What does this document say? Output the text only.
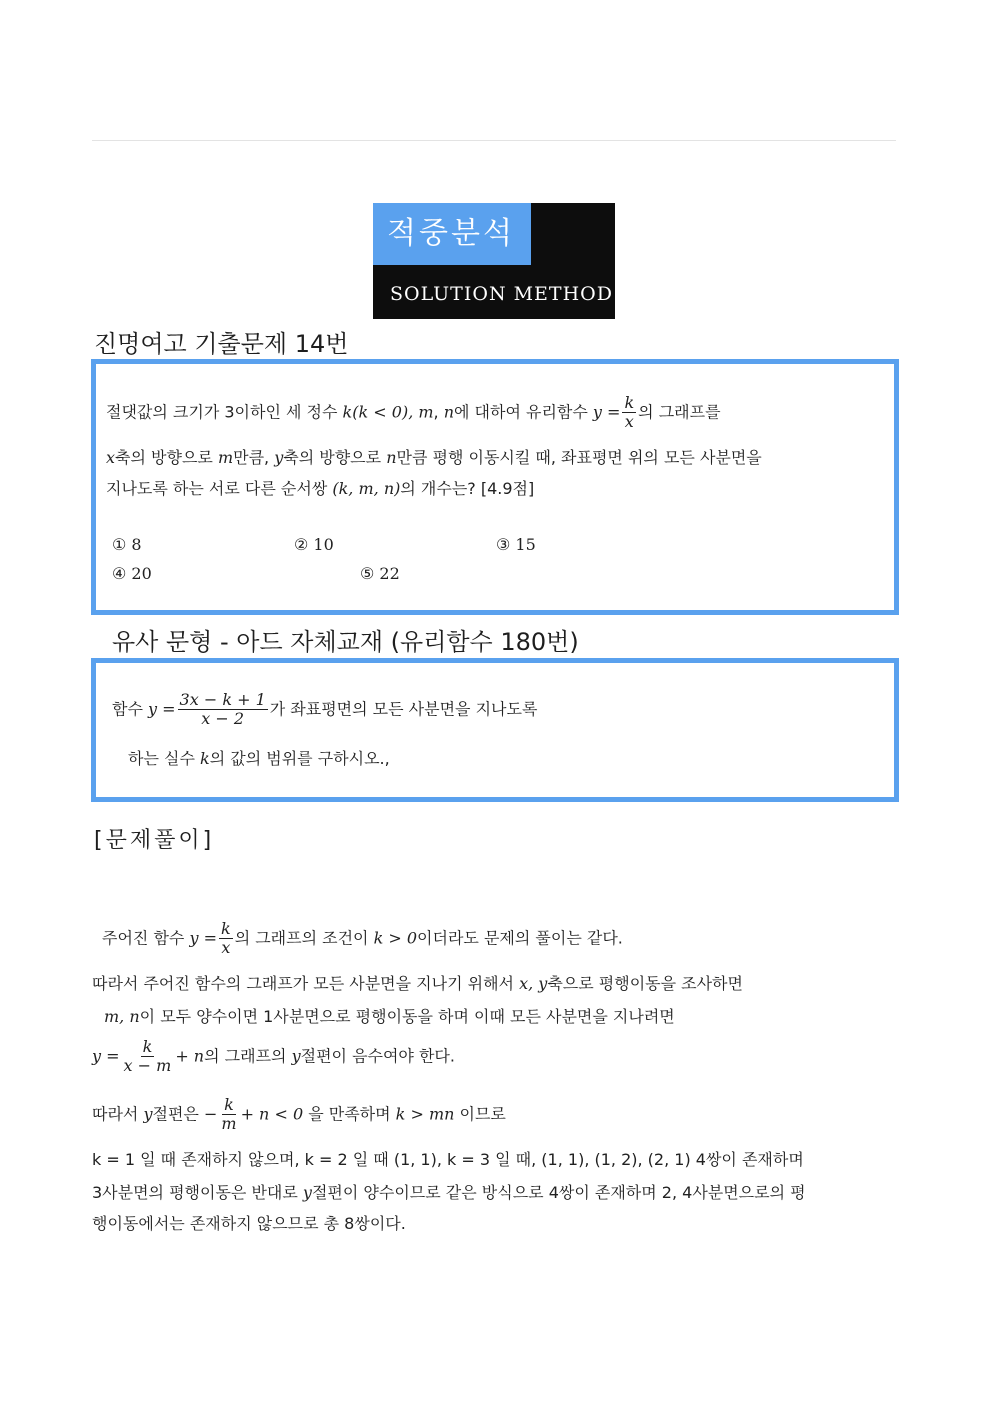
적중분석
SOLUTION METHOD
진명여고 기출문제 14번
절댓값의 크기가 3이하인 세 정수 k(k < 0), m, n에 대하여 유리함수 $y = \frac{k}{x}$ 의 그래프를
x축의 방향으로 m만큼, y축의 방향으로 n만큼 평행 이동시킬 때, 좌표평면 위의 모든 사분면을
지나도록 하는 서로 다른 순서쌍 (k, m, n)의 개수는? [4.9점]
① 8	② 10	③ 15
④ 20	⑤ 22
유사 문형 - 아드 자체교재 (유리함수 180번)
함수 $y = \frac{3x - k + 1}{x - 2}$ 가 좌표평면의 모든 사분면을 지나도록
하는 실수 k의 값의 범위를 구하시오.,
[문제풀이]
주어진 함수 $y = \frac{k}{x}$ 의 그래프의 조건이 k > 0이더라도 문제의 풀이는 같다.
따라서 주어진 함수의 그래프가 모든 사분면을 지나기 위해서 x, y축으로 평행이동을 조사하면
m, n이 모두 양수이면 1사분면으로 평행이동을 하며 이때 모든 사분면을 지나려면
$y = \frac{k}{x - m} + n$의 그래프의 y절편이 음수여야 한다.
따라서 y절편은 − $\frac{k}{m} + n < 0$ 을 만족하며 k > mn 이므로
k = 1 일 때 존재하지 않으며, k = 2 일 때 (1, 1), k = 3 일 때, (1, 1), (1, 2), (2, 1) 4쌍이 존재하며
3사분면의 평행이동은 반대로 y절편이 양수이므로 같은 방식으로 4쌍이 존재하며 2, 4사분면으로의 평
행이동에서는 존재하지 않으므로 총 8쌍이다.
